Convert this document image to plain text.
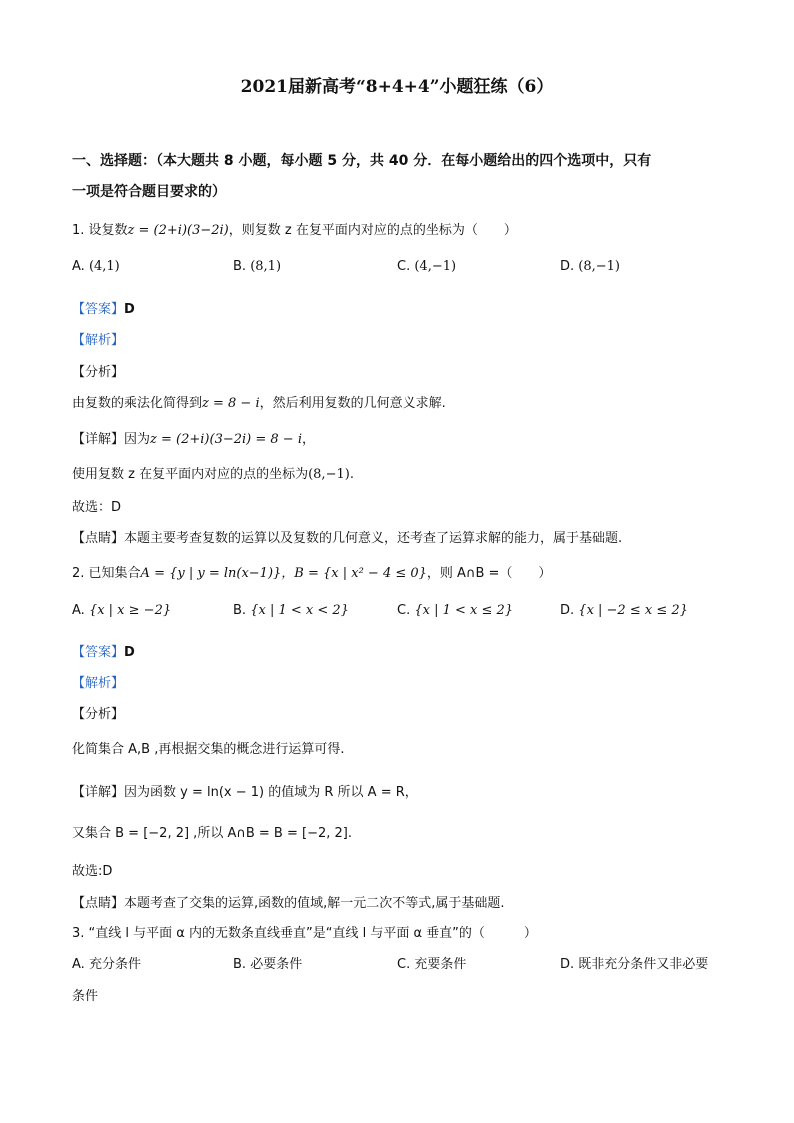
2021届新高考“8+4+4”小题狂练（6）
一、选择题：（本大题共 8 小题，每小题 5 分，共 40 分．在每小题给出的四个选项中，只有
一项是符合题目要求的）
1. 设复数z = (2+i)(3−2i)，则复数 z 在复平面内对应的点的坐标为（　　）
A. (4,1)	B. (8,1)	C. (4,−1)	D. (8,−1)
【答案】D
【解析】
【分析】
由复数的乘法化简得到z = 8 − i，然后利用复数的几何意义求解.
【详解】因为z = (2+i)(3−2i) = 8 − i，
使用复数 z 在复平面内对应的点的坐标为(8,−1).
故选：D
【点睛】本题主要考查复数的运算以及复数的几何意义，还考查了运算求解的能力，属于基础题.
2. 已知集合A = {y | y = ln(x−1)}，B = {x | x² − 4 ≤ 0}，则 A∩B =（　　）
A. {x | x ≥ −2}	B. {x | 1 < x < 2}	C. {x | 1 < x ≤ 2}	D. {x | −2 ≤ x ≤ 2}
【答案】D
【解析】
【分析】
化简集合 A,B ,再根据交集的概念进行运算可得.
【详解】因为函数 y = ln(x − 1) 的值域为 R 所以 A = R，
又集合 B = [−2, 2] ,所以 A∩B = B = [−2, 2].
故选:D
【点睛】本题考查了交集的运算,函数的值域,解一元二次不等式,属于基础题.
3. “直线 l 与平面 α 内的无数条直线垂直”是“直线 l 与平面 α 垂直”的（　　　）
A. 充分条件	B. 必要条件	C. 充要条件	D. 既非充分条件又非必要
条件
